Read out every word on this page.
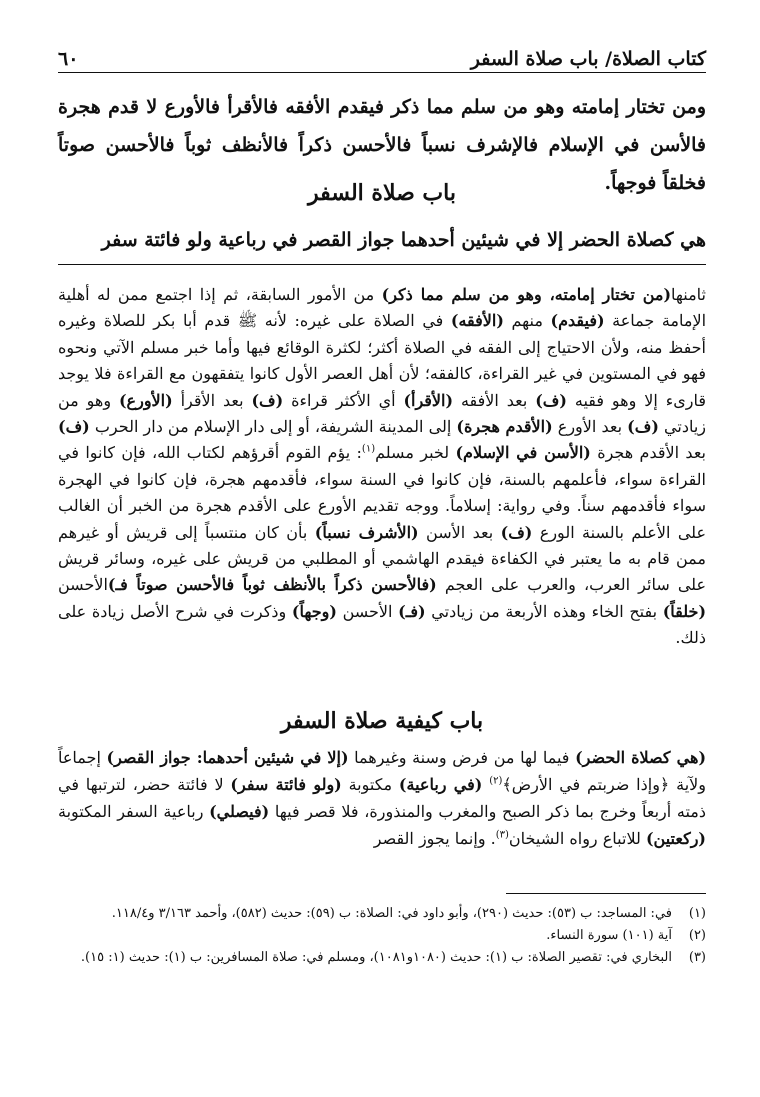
كتاب الصلاة/ باب صلاة السفر
٦٠
ومن تختار إمامته وهو من سلم مما ذكر فيقدم الأفقه فالأقرأ فالأورع لا قدم هجرة فالأسن في الإسلام فالإشرف نسباً فالأحسن ذكراً فالأنظف ثوباً فالأحسن صوتاً فخلقاً فوجهاً.
باب صلاة السفر
هي كصلاة الحضر إلا في شيئين أحدهما جواز القصر في رباعية ولو فائتة سفر
ثامنها(من تختار إمامته، وهو من سلم مما ذكر) من الأمور السابقة، ثم إذا اجتمع ممن له أهلية الإمامة جماعة (فيقدم) منهم (الأفقه) في الصلاة على غيره: لأنه ﷺ قدم أبا بكر للصلاة وغيره أحفظ منه، ولأن الاحتياج إلى الفقه في الصلاة أكثر؛ لكثرة الوقائع فيها وأما خبر مسلم الآتي ونحوه فهو في المستوين في غير القراءة، كالفقه؛ لأن أهل العصر الأول كانوا يتفقهون مع القراءة فلا يوجد قارىء إلا وهو فقيه (ف) بعد الأفقه (الأقرأ) أي الأكثر قراءة (ف) بعد الأقرأ (الأورع) وهو من زيادتي (ف) بعد الأورع (الأقدم هجرة) إلى المدينة الشريفة، أو إلى دار الإسلام من دار الحرب (ف) بعد الأقدم هجرة (الأسن في الإسلام) لخبر مسلم$^{(١)}$: يؤم القوم أقرؤهم لكتاب الله، فإن كانوا في القراءة سواء، فأعلمهم بالسنة، فإن كانوا في السنة سواء، فأقدمهم هجرة، فإن كانوا في الهجرة سواء فأقدمهم سناً. وفي رواية: إسلاماً. ووجه تقديم الأورع على الأقدم هجرة من الخبر أن الغالب على الأعلم بالسنة الورع (ف) بعد الأسن (الأشرف نسباً) بأن كان منتسباً إلى قريش أو غيرهم ممن قام به ما يعتبر في الكفاءة فيقدم الهاشمي أو المطلبي من قريش على غيره، وسائر قريش على سائر العرب، والعرب على العجم (فالأحسن ذكراً بالأنظف ثوباً فالأحسن صوتاً فـ)الأحسن (خلقاً) بفتح الخاء وهذه الأربعة من زيادتي (فـ) الأحسن (وجهاً) وذكرت في شرح الأصل زيادة على ذلك.
باب كيفية صلاة السفر
(هي كصلاة الحضر) فيما لها من فرض وسنة وغيرهما (إلا في شيئين أحدهما: جواز القصر) إجماعاً ولآية ﴿وإذا ضربتم في الأرض﴾$^{(٢)}$ (في رباعية) مكتوبة (ولو فائتة سفر) لا فائتة حضر، لترتبها في ذمته أربعاً وخرج بما ذكر الصبح والمغرب والمنذورة، فلا قصر فيها (فيصلي) رباعية السفر المكتوبة (ركعتين) للاتباع رواه الشيخان$^{(٣)}$. وإنما يجوز القصر
(١)
في: المساجد: ب (٥٣): حديث (٢٩٠)، وأبو داود في: الصلاة: ب (٥٩): حديث (٥٨٢)، وأحمد ٣/١٦٣ و١١٨/٤.
(٢)
آية (١٠١) سورة النساء.
(٣)
البخاري في: تقصير الصلاة: ب (١): حديث (١٠٨٠و١٠٨١)، ومسلم في: صلاة المسافرين: ب (١): حديث (١: ١٥).
